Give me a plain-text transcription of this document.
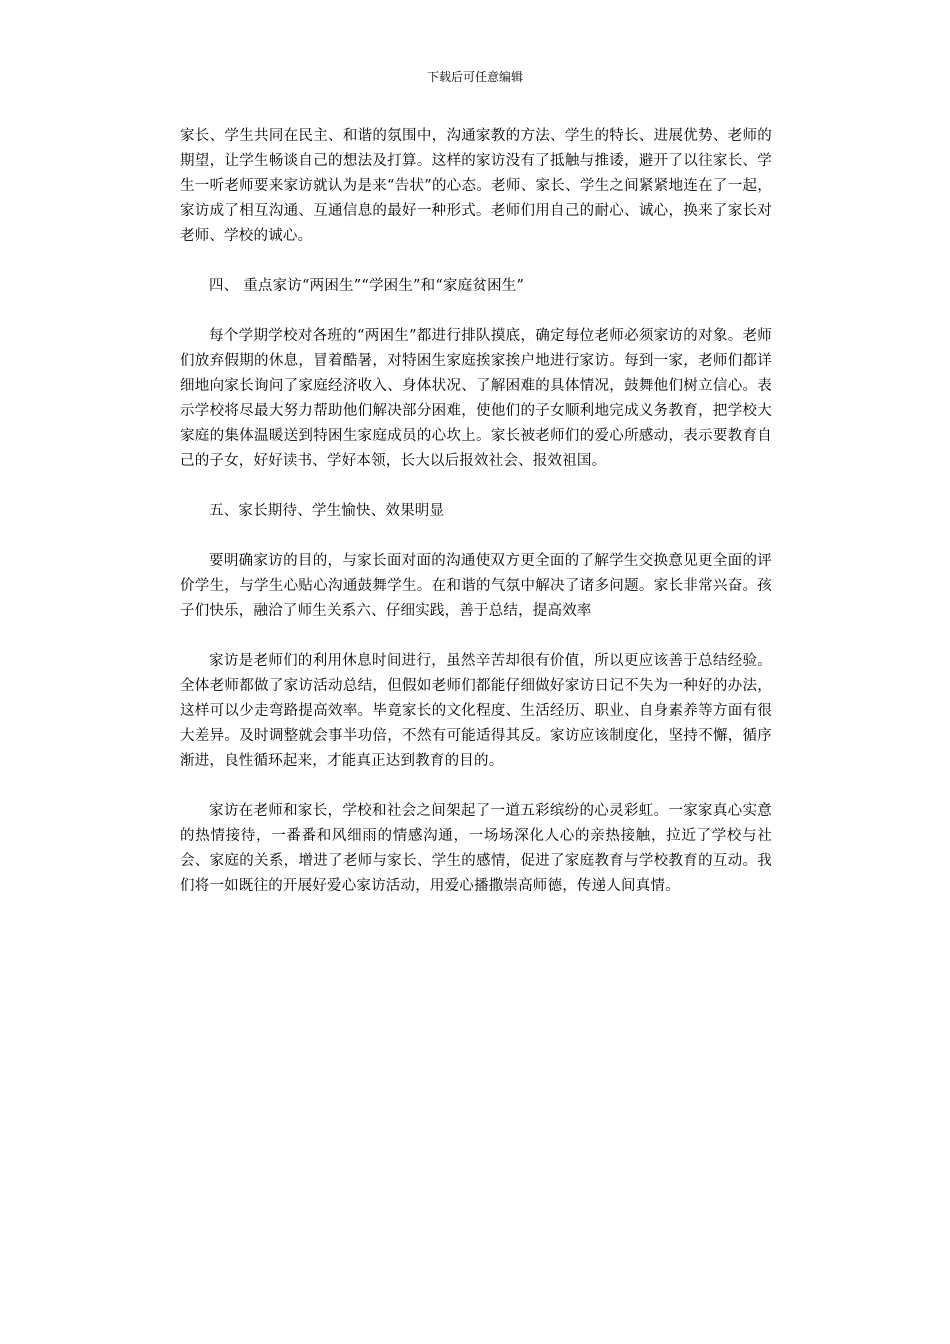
下载后可任意编辑

家长、学生共同在民主、和谐的氛围中，沟通家教的方法、学生的特长、进展优势、老师的期望，让学生畅谈自己的想法及打算。这样的家访没有了抵触与推诿，避开了以往家长、学生一听老师要来家访就认为是来“告状”的心态。老师、家长、学生之间紧紧地连在了一起，家访成了相互沟通、互通信息的最好一种形式。老师们用自己的耐心、诚心，换来了家长对老师、学校的诚心。

四、 重点家访“两困生”“学困生”和“家庭贫困生”

每个学期学校对各班的“两困生”都进行排队摸底，确定每位老师必须家访的对象。老师们放弃假期的休息，冒着酷暑，对特困生家庭挨家挨户地进行家访。每到一家，老师们都详细地向家长询问了家庭经济收入、身体状况、了解困难的具体情况，鼓舞他们树立信心。表示学校将尽最大努力帮助他们解决部分困难，使他们的子女顺利地完成义务教育，把学校大家庭的集体温暖送到特困生家庭成员的心坎上。家长被老师们的爱心所感动，表示要教育自己的子女，好好读书、学好本领，长大以后报效社会、报效祖国。

五、家长期待、学生愉快、效果明显

要明确家访的目的，与家长面对面的沟通使双方更全面的了解学生交换意见更全面的评价学生，与学生心贴心沟通鼓舞学生。在和谐的气氛中解决了诸多问题。家长非常兴奋。孩子们快乐，融洽了师生关系六、仔细实践，善于总结，提高效率

家访是老师们的利用休息时间进行，虽然辛苦却很有价值，所以更应该善于总结经验。全体老师都做了家访活动总结，但假如老师们都能仔细做好家访日记不失为一种好的办法，这样可以少走弯路提高效率。毕竟家长的文化程度、生活经历、职业、自身素养等方面有很大差异。及时调整就会事半功倍，不然有可能适得其反。家访应该制度化，坚持不懈，循序渐进，良性循环起来，才能真正达到教育的目的。

家访在老师和家长，学校和社会之间架起了一道五彩缤纷的心灵彩虹。一家家真心实意的热情接待，一番番和风细雨的情感沟通，一场场深化人心的亲热接触，拉近了学校与社会、家庭的关系，增进了老师与家长、学生的感情，促进了家庭教育与学校教育的互动。我们将一如既往的开展好爱心家访活动，用爱心播撒崇高师德，传递人间真情。
